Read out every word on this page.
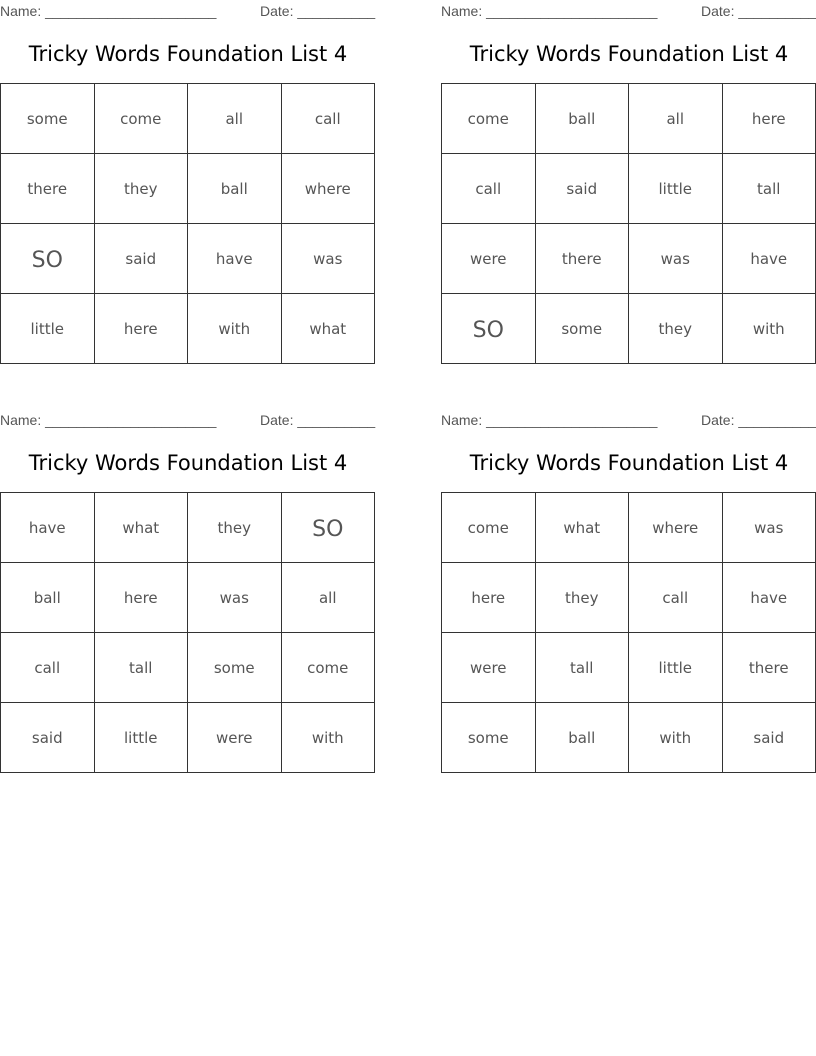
Name: ______________________	Date: __________
Tricky Words Foundation List 4
some	come	all	call
there	they	ball	where
SO	said	have	was
little	here	with	what
Name: ______________________	Date: __________
Tricky Words Foundation List 4
come	ball	all	here
call	said	little	tall
were	there	was	have
SO	some	they	with
Name: ______________________	Date: __________
Tricky Words Foundation List 4
have	what	they	SO
ball	here	was	all
call	tall	some	come
said	little	were	with
Name: ______________________	Date: __________
Tricky Words Foundation List 4
come	what	where	was
here	they	call	have
were	tall	little	there
some	ball	with	said
